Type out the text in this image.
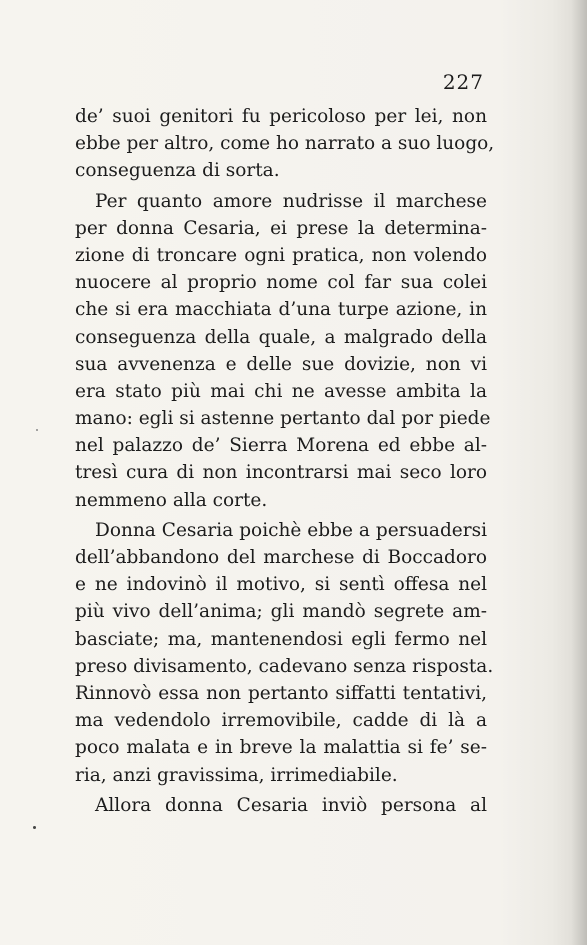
227
de’ suoi genitori fu pericoloso per lei, non
ebbe per altro, come ho narrato a suo luogo,
conseguenza di sorta.
Per quanto amore nudrisse il marchese
per donna Cesaria, ei prese la determina-
zione di troncare ogni pratica, non volendo
nuocere al proprio nome col far sua colei
che si era macchiata d’una turpe azione, in
conseguenza della quale, a malgrado della
sua avvenenza e delle sue dovizie, non vi
era stato più mai chi ne avesse ambita la
mano: egli si astenne pertanto dal por piede
nel palazzo de’ Sierra Morena ed ebbe al-
tresì cura di non incontrarsi mai seco loro
nemmeno alla corte.
Donna Cesaria poichè ebbe a persuadersi
dell’abbandono del marchese di Boccadoro
e ne indovinò il motivo, si sentì offesa nel
più vivo dell’anima; gli mandò segrete am-
basciate; ma, mantenendosi egli fermo nel
preso divisamento, cadevano senza risposta.
Rinnovò essa non pertanto siffatti tentativi,
ma vedendolo irremovibile, cadde di là a
poco malata e in breve la malattia si fe’ se-
ria, anzi gravissima, irrimediabile.
Allora donna Cesaria inviò persona al
